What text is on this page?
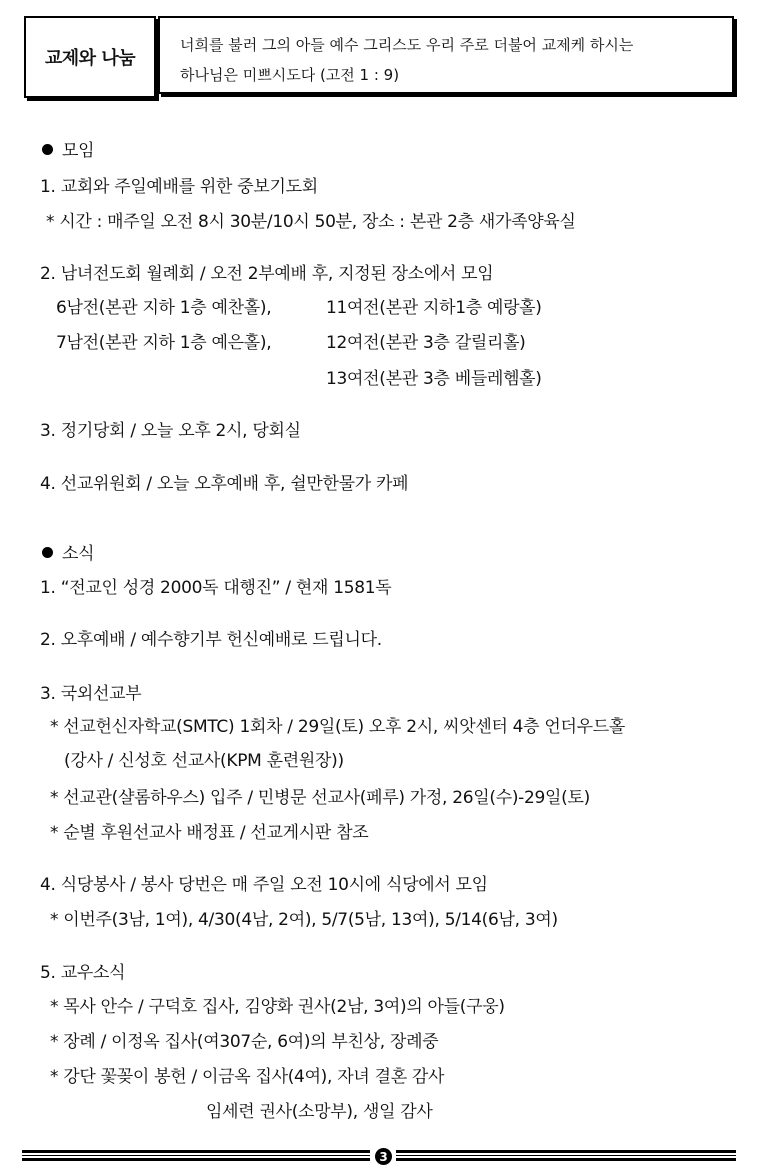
교제와 나눔
너희를 불러 그의 아들 예수 그리스도 우리 주로 더불어 교제케 하시는
하나님은 미쁘시도다 (고전 1 : 9)
모임
1. 교회와 주일예배를 위한 중보기도회
* 시간 : 매주일 오전 8시 30분/10시 50분, 장소 : 본관 2층 새가족양육실
2. 남녀전도회 월례회 / 오전 2부예배 후, 지정된 장소에서 모임
6남전(본관 지하 1층 예찬홀),	11여전(본관 지하1층 예랑홀)
7남전(본관 지하 1층 예은홀),	12여전(본관 3층 갈릴리홀)
13여전(본관 3층 베들레헴홀)
3. 정기당회 / 오늘 오후 2시, 당회실
4. 선교위원회 / 오늘 오후예배 후, 쉴만한물가 카페
소식
1. “전교인 성경 2000독 대행진” / 현재 1581독
2. 오후예배 / 예수향기부 헌신예배로 드립니다.
3. 국외선교부
* 선교헌신자학교(SMTC) 1회차 / 29일(토) 오후 2시, 씨앗센터 4층 언더우드홀
(강사 / 신성호 선교사(KPM 훈련원장))
* 선교관(샬롬하우스) 입주 / 민병문 선교사(페루) 가정, 26일(수)-29일(토)
* 순별 후원선교사 배정표 / 선교게시판 참조
4. 식당봉사 / 봉사 당번은 매 주일 오전 10시에 식당에서 모임
* 이번주(3남, 1여), 4/30(4남, 2여), 5/7(5남, 13여), 5/14(6남, 3여)
5. 교우소식
* 목사 안수 / 구덕호 집사, 김양화 권사(2남, 3여)의 아들(구웅)
* 장례 / 이정옥 집사(여307순, 6여)의 부친상, 장례중
* 강단 꽃꽂이 봉헌 / 이금옥 집사(4여), 자녀 결혼 감사
임세련 권사(소망부), 생일 감사
3
